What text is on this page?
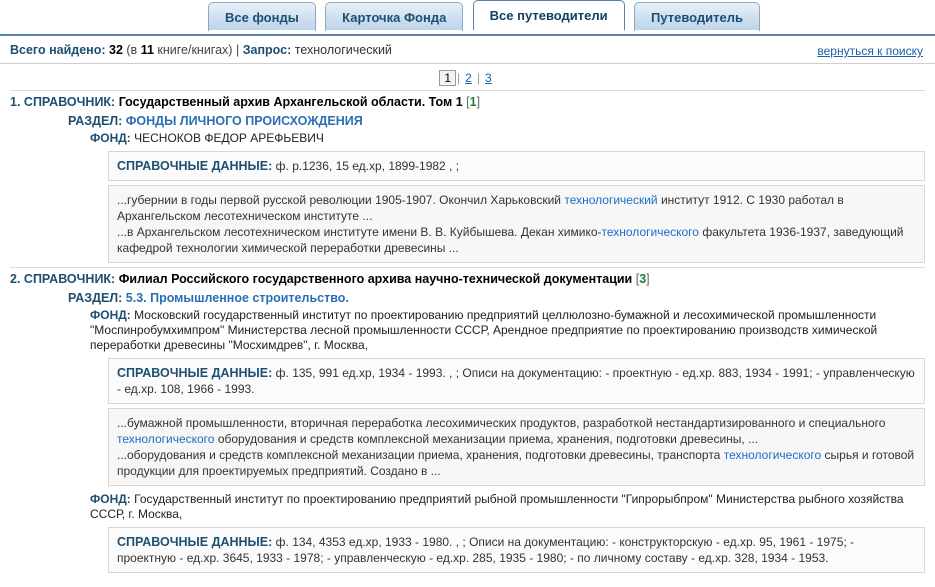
Все фонды	Карточка Фонда	Все путеводители	Путеводитель
Всего найдено: 32 (в 11 книге/книгах) | Запрос: технологический	вернуться к поиску
1 | 2 | 3
1. СПРАВОЧНИК: Государственный архив Архангельской области. Том 1 [1]
РАЗДЕЛ: ФОНДЫ ЛИЧНОГО ПРОИСХОЖДЕНИЯ
ФОНД: ЧЕСНОКОВ ФЕДОР АРЕФЬЕВИЧ
СПРАВОЧНЫЕ ДАННЫЕ: ф. р.1236, 15 ед.хр, 1899-1982 , ;
...губернии в годы первой русской революции 1905-1907. Окончил Харьковский технологический институт 1912. С 1930 работал в Архангельском лесотехническом институте ...
...в Архангельском лесотехническом институте имени В. В. Куйбышева. Декан химико-технологического факультета 1936-1937, заведующий кафедрой технологии химической переработки древесины ...
2. СПРАВОЧНИК: Филиал Российского государственного архива научно-технической документации [3]
РАЗДЕЛ: 5.3. Промышленное строительство.
ФОНД: Московский государственный институт по проектированию предприятий целлюлозно-бумажной и лесохимической промышленности "Моспинробумхимпром" Министерства лесной промышленности СССР, Арендное предприятие по проектированию производств химической переработки древесины "Мосхимдрев", г. Москва,
СПРАВОЧНЫЕ ДАННЫЕ: ф. 135, 991 ед.хр, 1934 - 1993. , ; Описи на документацию: - проектную - ед.хр. 883, 1934 - 1991; - управленческую - ед.хр. 108, 1966 - 1993.
...бумажной промышленности, вторичная переработка лесохимических продуктов, разработкой нестандартизированного и специального технологического оборудования и средств комплексной механизации приема, хранения, подготовки древесины, ...
...оборудования и средств комплексной механизации приема, хранения, подготовки древесины, транспорта технологического сырья и готовой продукции для проектируемых предприятий. Создано в ...
ФОНД: Государственный институт по проектированию предприятий рыбной промышленности "Гипрорыбпром" Министерства рыбного хозяйства СССР, г. Москва,
СПРАВОЧНЫЕ ДАННЫЕ: ф. 134, 4353 ед.хр, 1933 - 1980. , ; Описи на документацию: - конструкторскую - ед.хр. 95, 1961 - 1975; - проектную - ед.хр. 3645, 1933 - 1978; - управленческую - ед.хр. 285, 1935 - 1980; - по личному составу - ед.хр. 328, 1934 - 1953.
